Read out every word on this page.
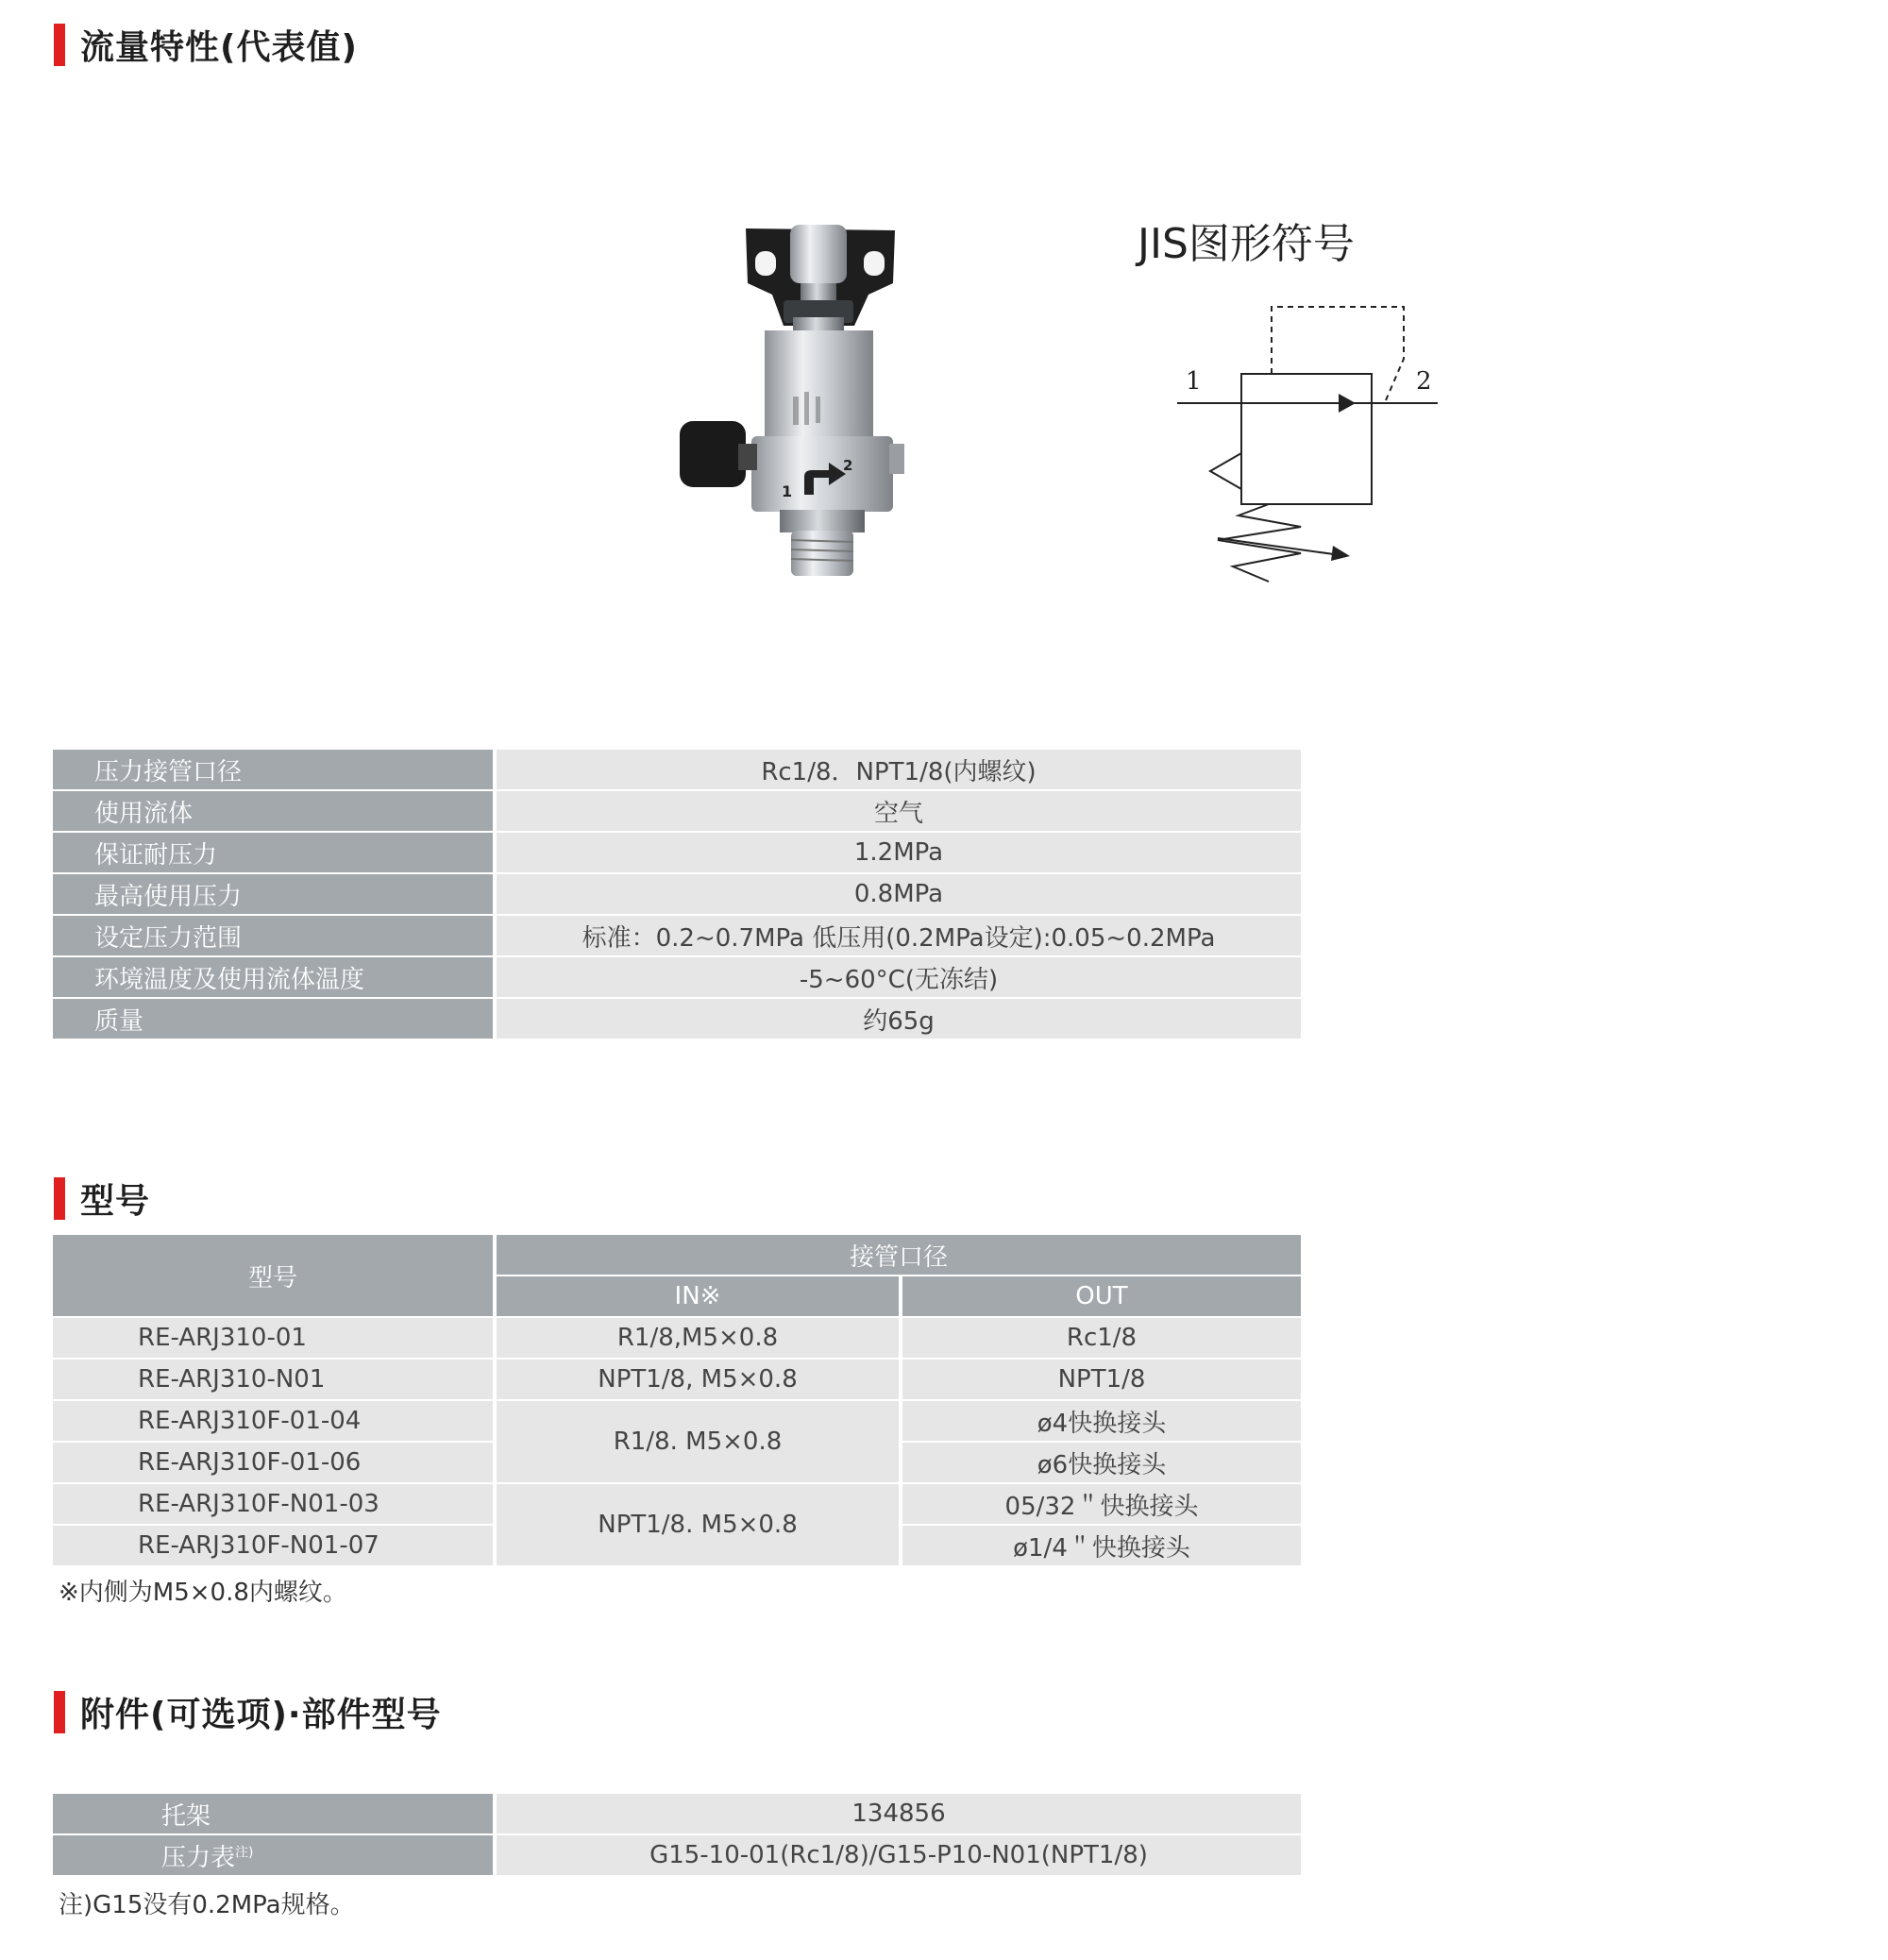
流量特性(代表值)
1
2
JIS图形符号
1	2
压力接管口径	Rc1/8．NPT1/8(内螺纹)
使用流体	空气
保证耐压力	1.2MPa
最高使用压力	0.8MPa
设定压力范围	标准：0.2~0.7MPa 低压用(0.2MPa设定):0.05~0.2MPa
环境温度及使用流体温度	-5~60°C(无冻结)
质量	约65g
型号
型号	接管口径	
	IN※	OUT
RE-ARJ310-01	R1/8,M5×0.8	Rc1/8
RE-ARJ310-N01	NPT1/8, M5×0.8	NPT1/8
RE-ARJ310F-01-04	R1/8. M5×0.8	ø4快换接头
RE-ARJ310F-01-06		ø6快换接头
RE-ARJ310F-N01-03	NPT1/8. M5×0.8	05/32＂快换接头
RE-ARJ310F-N01-07		ø1/4＂快换接头
※内侧为M5×0.8内螺纹。
附件(可选项)·部件型号
托架	134856
压力表$^{注)}$	G15-10-01(Rc1/8)/G15-P10-N01(NPT1/8)
注)G15没有0.2MPa规格。
